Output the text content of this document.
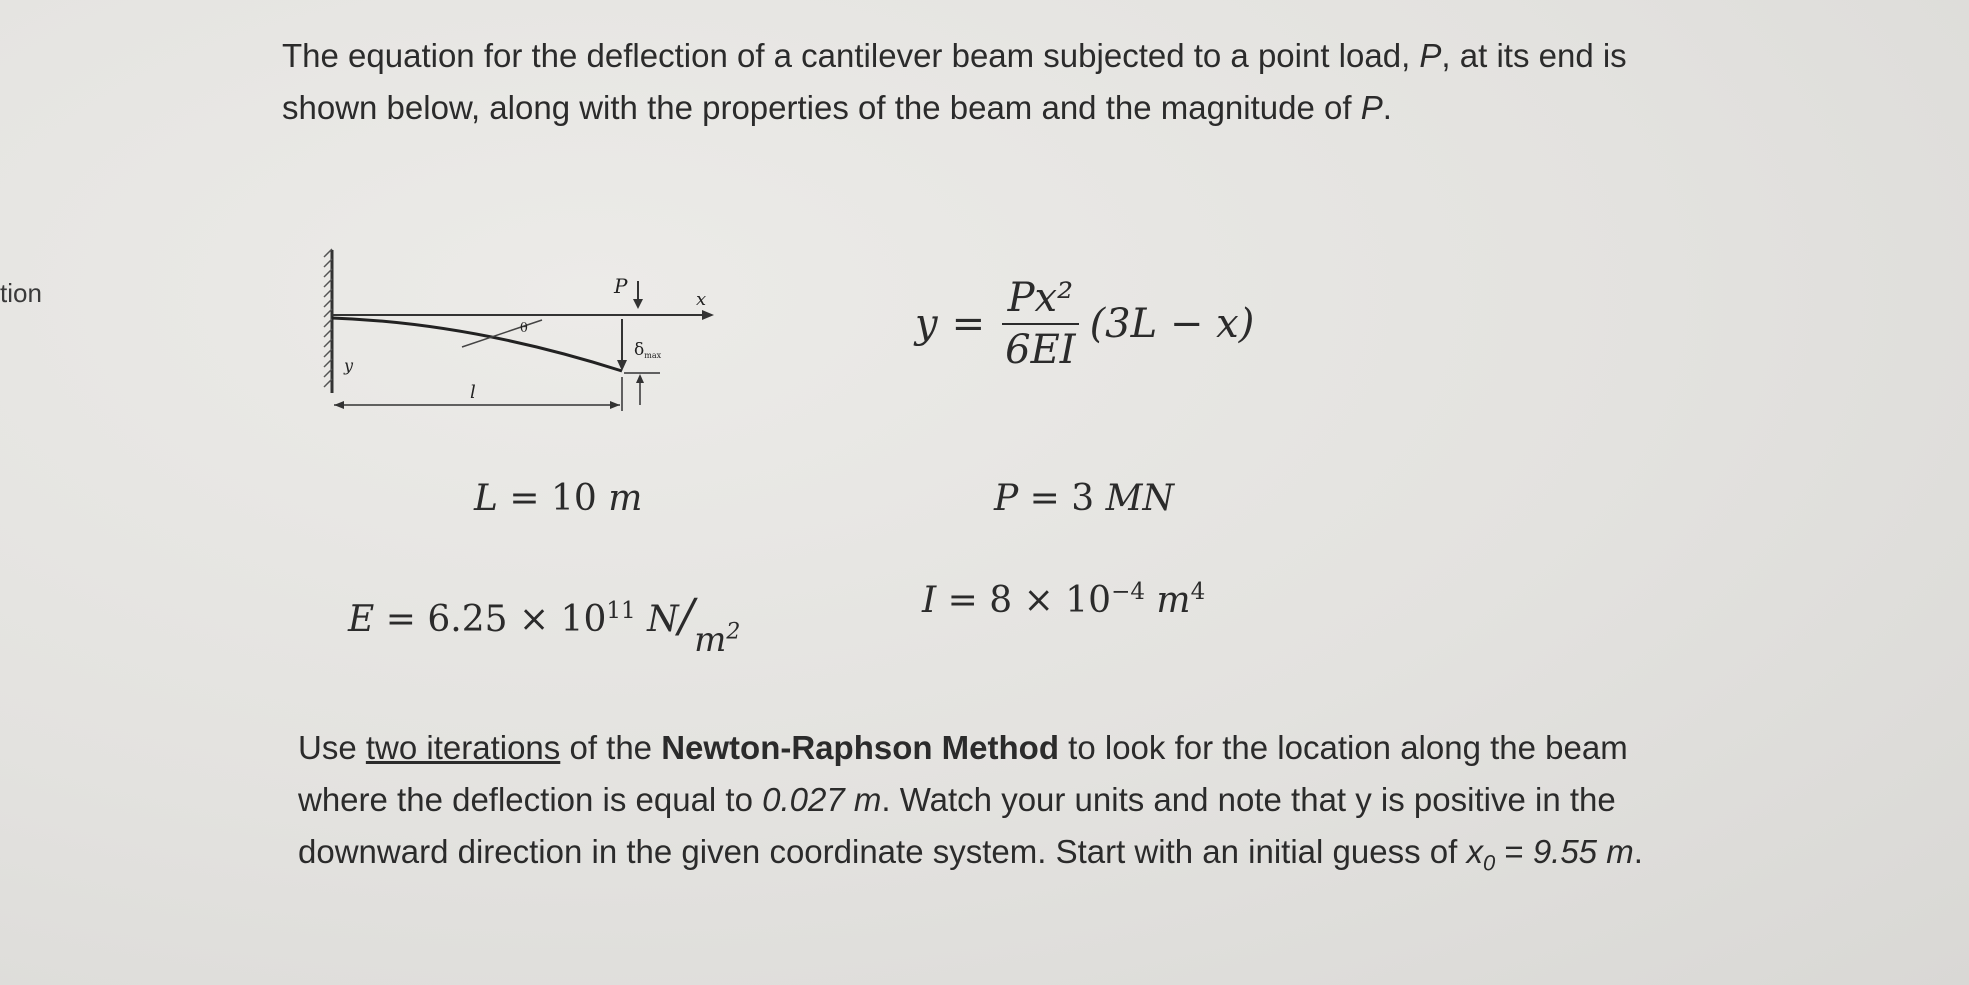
tion
The equation for the deflection of a cantilever beam subjected to a point load, P, at its end is shown below, along with the properties of the beam and the magnitude of P.
P
x
y
θ
δmax
l
$y = \frac{\text{Px²}}{6EI} (3L - x)$
L = 10 m	P = 3 MN
$E = 6.25 \times 10^{11}$ $N/m^2$
$I = 8 \times 10^{-4}$ $m^4$
Use two iterations of the Newton-Raphson Method to look for the location along the beam where the deflection is equal to 0.027 m. Watch your units and note that y is positive in the downward direction in the given coordinate system. Start with an initial guess of $x_0 = 9.55$ m.
